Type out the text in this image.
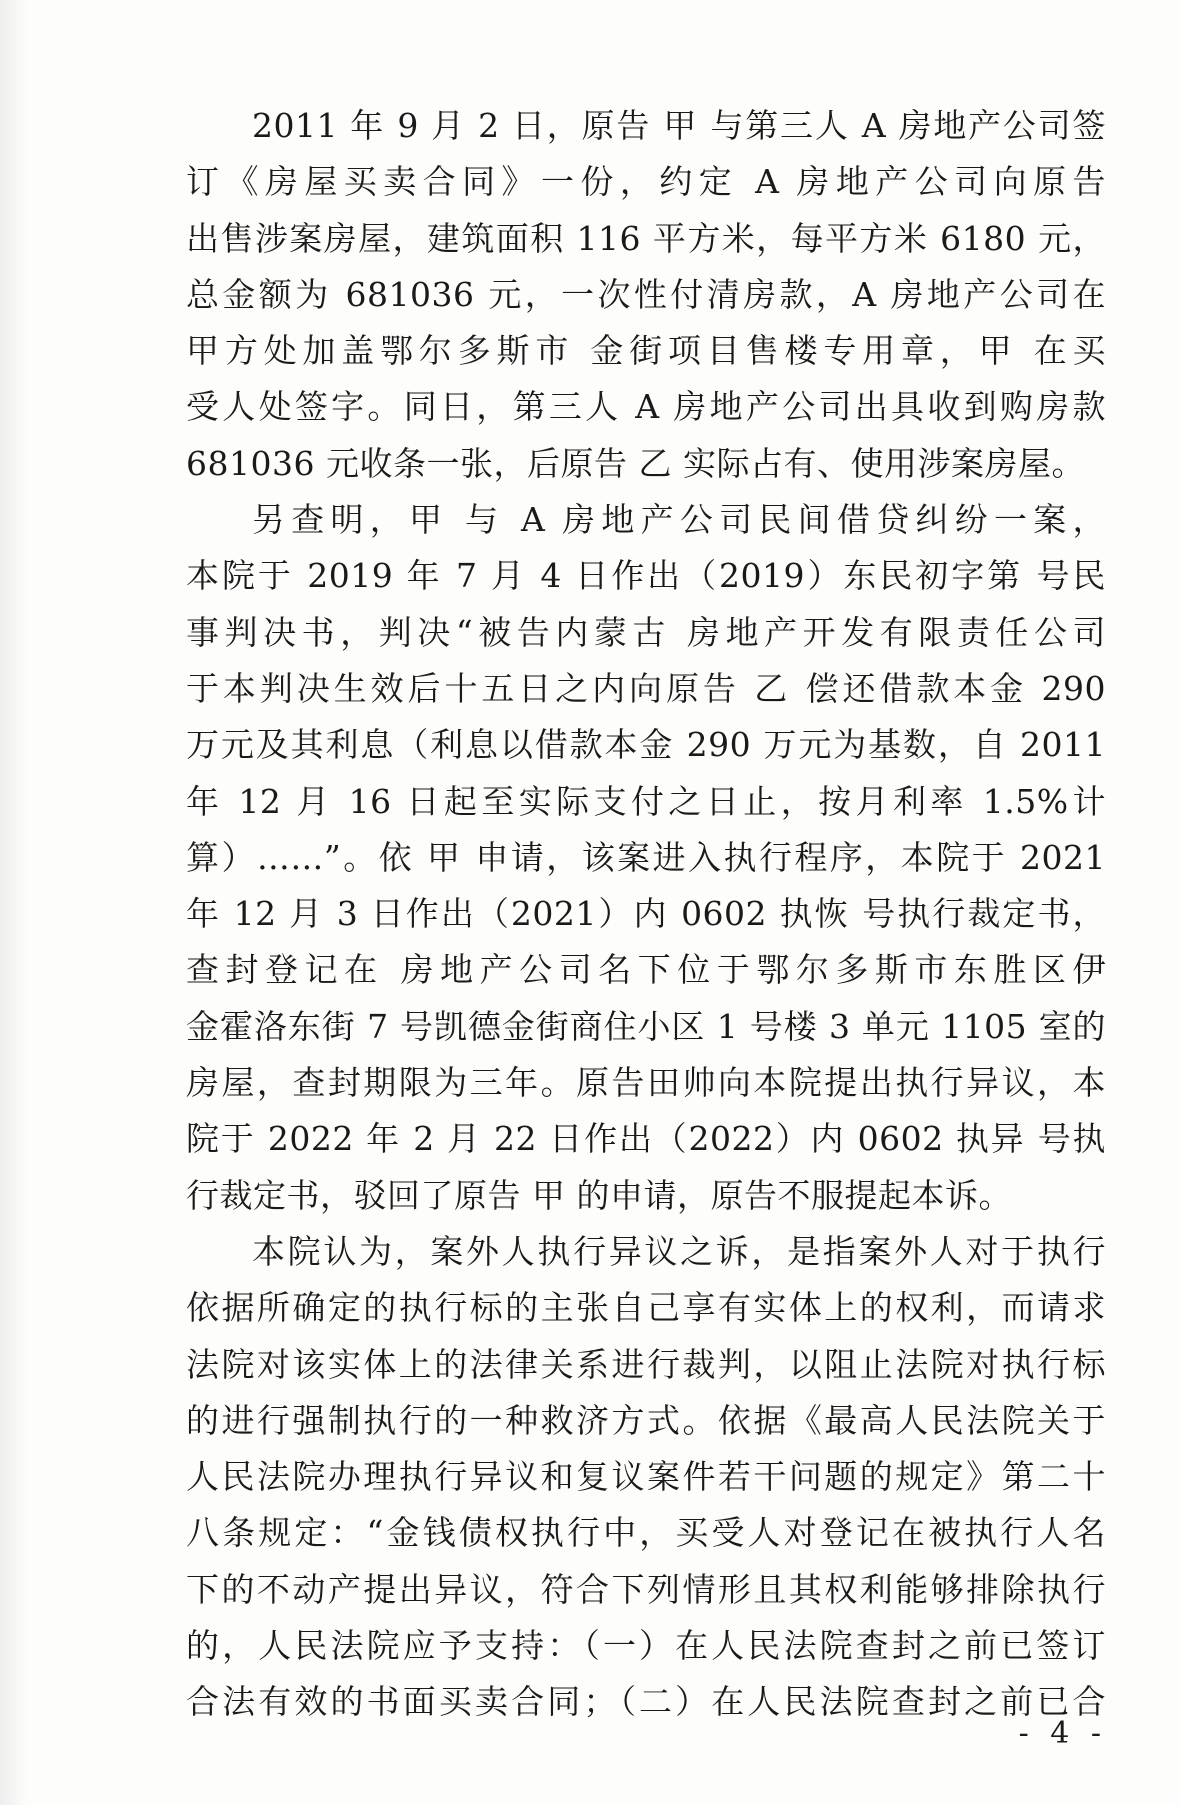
2011 年 9 月 2 日，原告 甲 与第三人 A 房地产公司签
订《房屋买卖合同》一份，约定 A 房地产公司向原告
出售涉案房屋，建筑面积 116 平方米，每平方米 6180 元，
总金额为 681036 元，一次性付清房款，A 房地产公司在
甲方处加盖鄂尔多斯市 金街项目售楼专用章，甲 在买
受人处签字。同日，第三人 A 房地产公司出具收到购房款
681036 元收条一张，后原告 乙 实际占有、使用涉案房屋。
另查明，甲 与 A 房地产公司民间借贷纠纷一案，
本院于 2019 年 7 月 4 日作出（2019）东民初字第 号民
事判决书，判决“被告内蒙古 房地产开发有限责任公司
于本判决生效后十五日之内向原告 乙 偿还借款本金 290
万元及其利息（利息以借款本金 290 万元为基数，自 2011
年 12 月 16 日起至实际支付之日止，按月利率 1.5%计
算）……”。依 甲 申请，该案进入执行程序，本院于 2021
年 12 月 3 日作出（2021）内 0602 执恢 号执行裁定书，
查封登记在 房地产公司名下位于鄂尔多斯市东胜区伊
金霍洛东街 7 号凯德金街商住小区 1 号楼 3 单元 1105 室的
房屋，查封期限为三年。原告田帅向本院提出执行异议，本
院于 2022 年 2 月 22 日作出（2022）内 0602 执异 号执
行裁定书，驳回了原告 甲 的申请，原告不服提起本诉。
本院认为，案外人执行异议之诉，是指案外人对于执行
依据所确定的执行标的主张自己享有实体上的权利，而请求
法院对该实体上的法律关系进行裁判，以阻止法院对执行标
的进行强制执行的一种救济方式。依据《最高人民法院关于
人民法院办理执行异议和复议案件若干问题的规定》第二十
八条规定：“金钱债权执行中，买受人对登记在被执行人名
下的不动产提出异议，符合下列情形且其权利能够排除执行
的，人民法院应予支持：（一）在人民法院查封之前已签订
合法有效的书面买卖合同；（二）在人民法院查封之前已合
- 4 -
